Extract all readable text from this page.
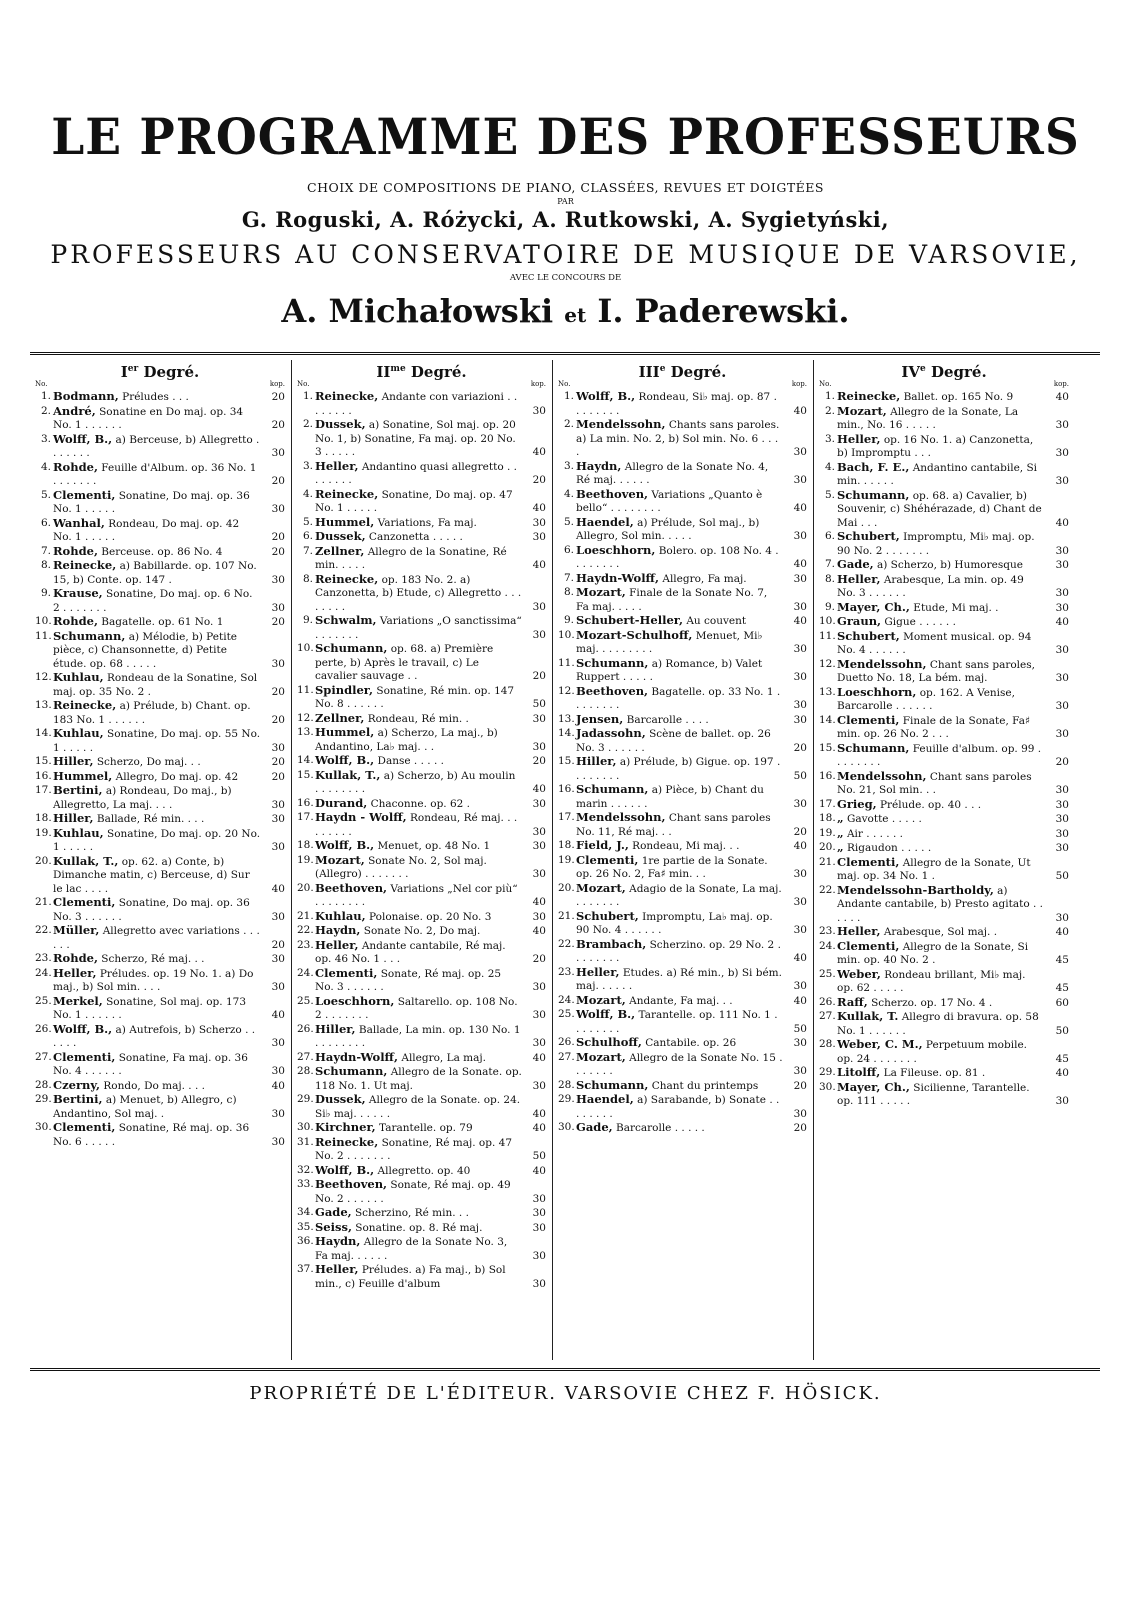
LE PROGRAMME DES PROFESSEURS
CHOIX DE COMPOSITIONS DE PIANO, CLASSÉES, REVUES ET DOIGTÉES
PAR
G. Roguski, A. Różycki, A. Rutkowski, A. Sygietyński,
PROFESSEURS AU CONSERVATOIRE DE MUSIQUE DE VARSOVIE,
AVEC LE CONCOURS DE
A. Michałowski et I. Paderewski.
Ier Degré.
No.	kop.
1. Bodmann, Préludes . . .	20
2. André, Sonatine en Do maj. op. 34 No. 1 . . . . . .	20
3. Wolff, B., a) Berceuse, b) Allegretto . . . . . . .	30
4. Rohde, Feuille d'Album. op. 36 No. 1 . . . . . . .	20
5. Clementi, Sonatine, Do maj. op. 36 No. 1 . . . . .	30
6. Wanhal, Rondeau, Do maj. op. 42 No. 1 . . . . .	20
7. Rohde, Berceuse. op. 86 No. 4	20
8. Reinecke, a) Babillarde. op. 107 No. 15, b) Conte. op. 147 .	30
9. Krause, Sonatine, Do maj. op. 6 No. 2 . . . . . . .	30
10. Rohde, Bagatelle. op. 61 No. 1	20
11. Schumann, a) Mélodie, b) Petite pièce, c) Chansonnette, d) Petite étude. op. 68 . . . . .	30
12. Kuhlau, Rondeau de la Sonatine, Sol maj. op. 35 No. 2 .	20
13. Reinecke, a) Prélude, b) Chant. op. 183 No. 1 . . . . . .	20
14. Kuhlau, Sonatine, Do maj. op. 55 No. 1 . . . . .	30
15. Hiller, Scherzo, Do maj. . .	20
16. Hummel, Allegro, Do maj. op. 42	20
17. Bertini, a) Rondeau, Do maj., b) Allegretto, La maj. . . .	30
18. Hiller, Ballade, Ré min. . . .	30
19. Kuhlau, Sonatine, Do maj. op. 20 No. 1 . . . . .	30
20. Kullak, T., op. 62. a) Conte, b) Dimanche matin, c) Berceuse, d) Sur le lac . . . .	40
21. Clementi, Sonatine, Do maj. op. 36 No. 3 . . . . . .	30
22. Müller, Allegretto avec variations . . . . . .	20
23. Rohde, Scherzo, Ré maj. . .	30
24. Heller, Préludes. op. 19 No. 1. a) Do maj., b) Sol min. . . .	30
25. Merkel, Sonatine, Sol maj. op. 173 No. 1 . . . . . .	40
26. Wolff, B., a) Autrefois, b) Scherzo . . . . . .	30
27. Clementi, Sonatine, Fa maj. op. 36 No. 4 . . . . . .	30
28. Czerny, Rondo, Do maj. . . .	40
29. Bertini, a) Menuet, b) Allegro, c) Andantino, Sol maj. .	30
30. Clementi, Sonatine, Ré maj. op. 36 No. 6 . . . . .	30
$II^{me}$ Degré.
No.	kop.
1. Reinecke, Andante con variazioni . . . . . . . .	30
2. Dussek, a) Sonatine, Sol maj. op. 20 No. 1, b) Sonatine, Fa maj. op. 20 No. 3 . . . . .	40
3. Heller, Andantino quasi allegretto . . . . . . . .	20
4. Reinecke, Sonatine, Do maj. op. 47 No. 1 . . . . .	40
5. Hummel, Variations, Fa maj.	30
6. Dussek, Canzonetta . . . . .	30
7. Zellner, Allegro de la Sonatine, Ré min. . . . .	40
8. Reinecke, op. 183 No. 2. a) Canzonetta, b) Etude, c) Allegretto . . . . . . . .	30
9. Schwalm, Variations „O sanctissima“ . . . . . . .	30
10. Schumann, op. 68. a) Première perte, b) Après le travail, c) Le cavalier sauvage . .	20
11. Spindler, Sonatine, Ré min. op. 147 No. 8 . . . . . .	50
12. Zellner, Rondeau, Ré min. .	30
13. Hummel, a) Scherzo, La maj., b) Andantino, La♭ maj. . .	30
14. Wolff, B., Danse . . . . .	20
15. Kullak, T., a) Scherzo, b) Au moulin . . . . . . . .	40
16. Durand, Chaconne. op. 62 .	30
17. Haydn - Wolff, Rondeau, Ré maj. . . . . . . . .	30
18. Wolff, B., Menuet, op. 48 No. 1	30
19. Mozart, Sonate No. 2, Sol maj. (Allegro) . . . . . . .	30
20. Beethoven, Variations „Nel cor più“ . . . . . . . .	40
21. Kuhlau, Polonaise. op. 20 No. 3	30
22. Haydn, Sonate No. 2, Do maj.	40
23. Heller, Andante cantabile, Ré maj. op. 46 No. 1 . . .	20
24. Clementi, Sonate, Ré maj. op. 25 No. 3 . . . . . .	30
25. Loeschhorn, Saltarello. op. 108 No. 2 . . . . . . .	30
26. Hiller, Ballade, La min. op. 130 No. 1 . . . . . . . .	30
27. Haydn-Wolff, Allegro, La maj.	40
28. Schumann, Allegro de la Sonate. op. 118 No. 1. Ut maj.	30
29. Dussek, Allegro de la Sonate. op. 24. Si♭ maj. . . . . .	40
30. Kirchner, Tarantelle. op. 79	40
31. Reinecke, Sonatine, Ré maj. op. 47 No. 2 . . . . . . .	50
32. Wolff, B., Allegretto. op. 40	40
33. Beethoven, Sonate, Ré maj. op. 49 No. 2 . . . . . .	30
34. Gade, Scherzino, Ré min. . .	30
35. Seiss, Sonatine. op. 8. Ré maj.	30
36. Haydn, Allegro de la Sonate No. 3, Fa maj. . . . . .	30
37. Heller, Préludes. a) Fa maj., b) Sol min., c) Feuille d'album	30
IIIe Degré.
No.	kop.
1. Wolff, B., Rondeau, Si♭ maj. op. 87 . . . . . . . .	40
2. Mendelssohn, Chants sans paroles. a) La min. No. 2, b) Sol min. No. 6 . . . .	30
3. Haydn, Allegro de la Sonate No. 4, Ré maj. . . . . .	30
4. Beethoven, Variations „Quanto è bello“ . . . . . . . .	40
5. Haendel, a) Prélude, Sol maj., b) Allegro, Sol min. . . . .	30
6. Loeschhorn, Bolero. op. 108 No. 4 . . . . . . . .	40
7. Haydn-Wolff, Allegro, Fa maj.	30
8. Mozart, Finale de la Sonate No. 7, Fa maj. . . . .	30
9. Schubert-Heller, Au couvent	40
10. Mozart-Schulhoff, Menuet, Mi♭ maj. . . . . . . . .	30
11. Schumann, a) Romance, b) Valet Ruppert . . . . .	30
12. Beethoven, Bagatelle. op. 33 No. 1 . . . . . . . .	30
13. Jensen, Barcarolle . . . .	30
14. Jadassohn, Scène de ballet. op. 26 No. 3 . . . . . .	20
15. Hiller, a) Prélude, b) Gigue. op. 197 . . . . . . . .	50
16. Schumann, a) Pièce, b) Chant du marin . . . . . .	30
17. Mendelssohn, Chant sans paroles No. 11, Ré maj. . .	20
18. Field, J., Rondeau, Mi maj. . .	40
19. Clementi, 1re partie de la Sonate. op. 26 No. 2, Fa♯ min. . .	30
20. Mozart, Adagio de la Sonate, La maj. . . . . . . .	30
21. Schubert, Impromptu, La♭ maj. op. 90 No. 4 . . . . . .	30
22. Brambach, Scherzino. op. 29 No. 2 . . . . . . . .	40
23. Heller, Etudes. a) Ré min., b) Si bém. maj. . . . . .	30
24. Mozart, Andante, Fa maj. . .	40
25. Wolff, B., Tarantelle. op. 111 No. 1 . . . . . . . .	50
26. Schulhoff, Cantabile. op. 26	30
27. Mozart, Allegro de la Sonate No. 15 . . . . . . .	30
28. Schumann, Chant du printemps	20
29. Haendel, a) Sarabande, b) Sonate . . . . . . . .	30
30. Gade, Barcarolle . . . . .	20
IVe Degré.
No.	kop.
1. Reinecke, Ballet. op. 165 No. 9	40
2. Mozart, Allegro de la Sonate, La min., No. 16 . . . . .	30
3. Heller, op. 16 No. 1. a) Canzonetta, b) Impromptu . . .	30
4. Bach, F. E., Andantino cantabile, Si min. . . . . .	30
5. Schumann, op. 68. a) Cavalier, b) Souvenir, c) Shéhérazade, d) Chant de Mai . . .	40
6. Schubert, Impromptu, Mi♭ maj. op. 90 No. 2 . . . . . . .	30
7. Gade, a) Scherzo, b) Humoresque	30
8. Heller, Arabesque, La min. op. 49 No. 3 . . . . . .	30
9. Mayer, Ch., Etude, Mi maj. .	30
10. Graun, Gigue . . . . . .	40
11. Schubert, Moment musical. op. 94 No. 4 . . . . . .	30
12. Mendelssohn, Chant sans paroles, Duetto No. 18, La bém. maj.	30
13. Loeschhorn, op. 162. A Venise, Barcarolle . . . . . .	30
14. Clementi, Finale de la Sonate, Fa♯ min. op. 26 No. 2 . . .	30
15. Schumann, Feuille d'album. op. 99 . . . . . . . .	20
16. Mendelssohn, Chant sans paroles No. 21, Sol min. . .	30
17. Grieg, Prélude. op. 40 . . .	30
18. „ Gavotte . . . . .	30
19. „ Air . . . . . .	30
20. „ Rigaudon . . . . .	30
21. Clementi, Allegro de la Sonate, Ut maj. op. 34 No. 1 .	50
22. Mendelssohn-Bartholdy, a) Andante cantabile, b) Presto agitato . . . . . .	30
23. Heller, Arabesque, Sol maj. .	40
24. Clementi, Allegro de la Sonate, Si min. op. 40 No. 2 .	45
25. Weber, Rondeau brillant, Mi♭ maj. op. 62 . . . . .	45
26. Raff, Scherzo. op. 17 No. 4 .	60
27. Kullak, T. Allegro di bravura. op. 58 No. 1 . . . . . .	50
28. Weber, C. M., Perpetuum mobile. op. 24 . . . . . . .	45
29. Litolff, La Fileuse. op. 81 .	40
30. Mayer, Ch., Sicilienne, Tarantelle. op. 111 . . . . .	30
PROPRIÉTÉ DE L'ÉDITEUR. VARSOVIE CHEZ F. HÖSICK.
